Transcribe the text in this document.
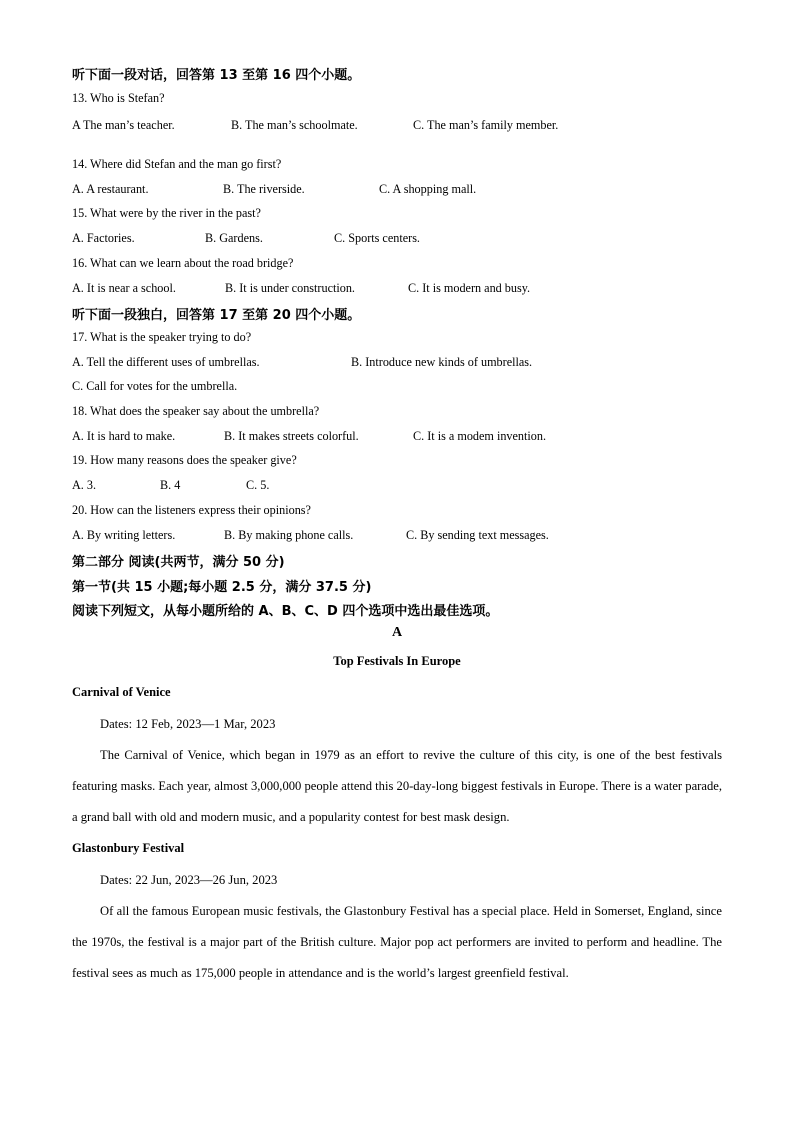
听下面一段对话，回答第 13 至第 16 四个小题。
13. Who is Stefan?
A The man’s teacher.	B. The man’s schoolmate.	C. The man’s family member.
14. Where did Stefan and the man go first?
A. A restaurant.	B. The riverside.	C. A shopping mall.
15. What were by the river in the past?
A. Factories.	B. Gardens.	C. Sports centers.
16. What can we learn about the road bridge?
A. It is near a school.	B. It is under construction.	C. It is modern and busy.
听下面一段独白，回答第 17 至第 20 四个小题。
17. What is the speaker trying to do?
A. Tell the different uses of umbrellas.	B. Introduce new kinds of umbrellas.
C. Call for votes for the umbrella.
18. What does the speaker say about the umbrella?
A. It is hard to make.	B. It makes streets colorful.	C. It is a modem invention.
19. How many reasons does the speaker give?
A. 3.	B. 4	C. 5.
20. How can the listeners express their opinions?
A. By writing letters.	B. By making phone calls.	C. By sending text messages.
第二部分 阅读(共两节，满分 50 分)
第一节(共 15 小题;每小题 2.5 分，满分 37.5 分)
阅读下列短文，从每小题所给的 A、B、C、D 四个选项中选出最佳选项。
A
Top Festivals In Europe
Carnival of Venice
Dates: 12 Feb, 2023—1 Mar, 2023
The Carnival of Venice, which began in 1979 as an effort to revive the culture of this city, is one of the best festivals featuring masks. Each year, almost 3,000,000 people attend this 20-day-long biggest festivals in Europe. There is a water parade, a grand ball with old and modern music, and a popularity contest for best mask design.
Glastonbury Festival
Dates: 22 Jun, 2023—26 Jun, 2023
Of all the famous European music festivals, the Glastonbury Festival has a special place. Held in Somerset, England, since the 1970s, the festival is a major part of the British culture. Major pop act performers are invited to perform and headline. The festival sees as much as 175,000 people in attendance and is the world’s largest greenfield festival.
